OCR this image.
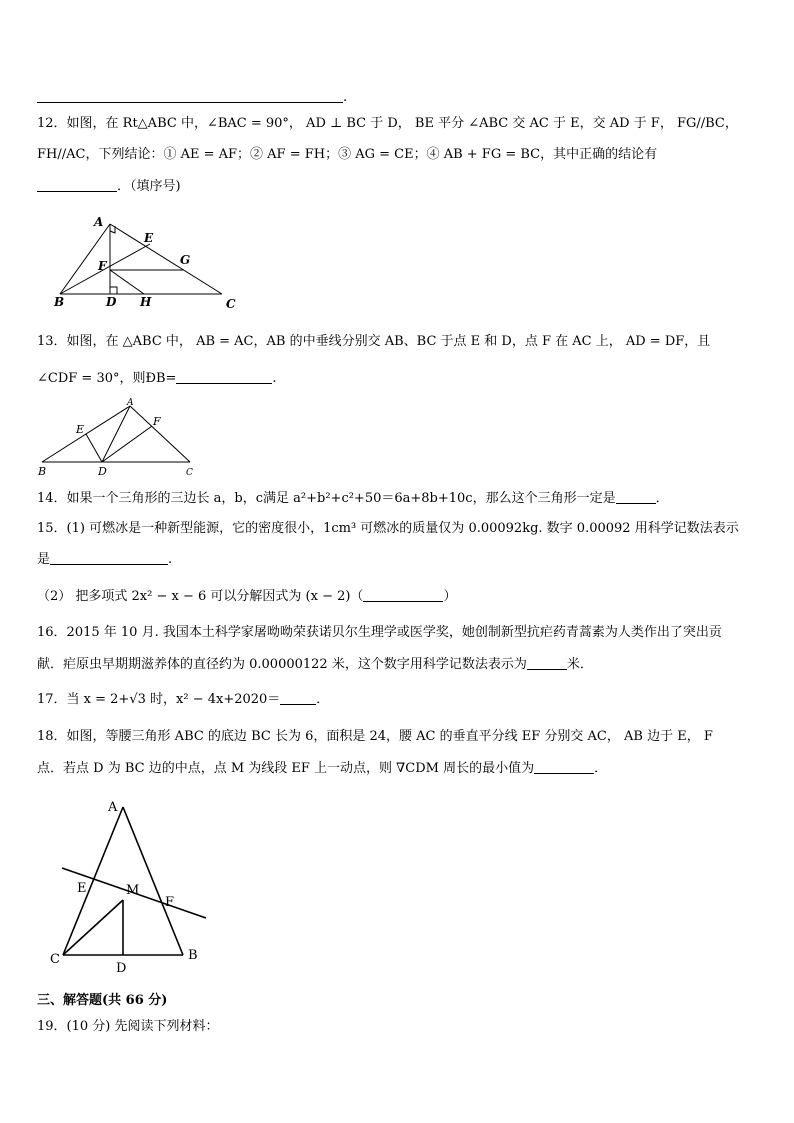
.
12．如图，在 Rt△ABC 中，∠BAC = 90°， AD ⊥ BC 于 D， BE 平分 ∠ABC 交 AC 于 E，交 AD 于 F， FG//BC，
FH//AC，下列结论：① AE = AF；② AF = FH；③ AG = CE；④ AB + FG = BC，其中正确的结论有
．（填序号)
A
E
F	G
B	D H	C
13．如图，在 △ABC 中， AB = AC，AB 的中垂线分别交 AB、BC 于点 E 和 D，点 F 在 AC 上， AD = DF，且
∠CDF = 30°，则ÐB=	.
A
E
F
B	D	C
14．如果一个三角形的三边长 a，b，c满足 a²+b²+c²+50＝6a+8b+10c，那么这个三角形一定是	．
15．(1) 可燃冰是一种新型能源，它的密度很小，1cm³ 可燃冰的质量仅为 0.00092kg. 数字 0.00092 用科学记数法表示
是	.
（2） 把多项式 2x² − x − 6 可以分解因式为 (x − 2)（	）
16．2015 年 10 月. 我国本土科学家屠呦呦荣获诺贝尔生理学或医学奖，她创制新型抗疟药青蒿素为人类作出了突出贡
献．疟原虫早期期滋养体的直径约为 0.00000122 米，这个数字用科学记数法表示为	米．
17．当 x = 2+√3 时，x² − 4x+2020＝	．
18．如图，等腰三角形 ABC 的底边 BC 长为 6，面积是 24，腰 AC 的垂直平分线 EF 分别交 AC， AB 边于 E， F
点．若点 D 为 BC 边的中点，点 M 为线段 EF 上一动点，则 ∇CDM 周长的最小值为	．
A
E	M
F
C	B
D
三、解答题(共 66 分)
19．(10 分) 先阅读下列材料：
